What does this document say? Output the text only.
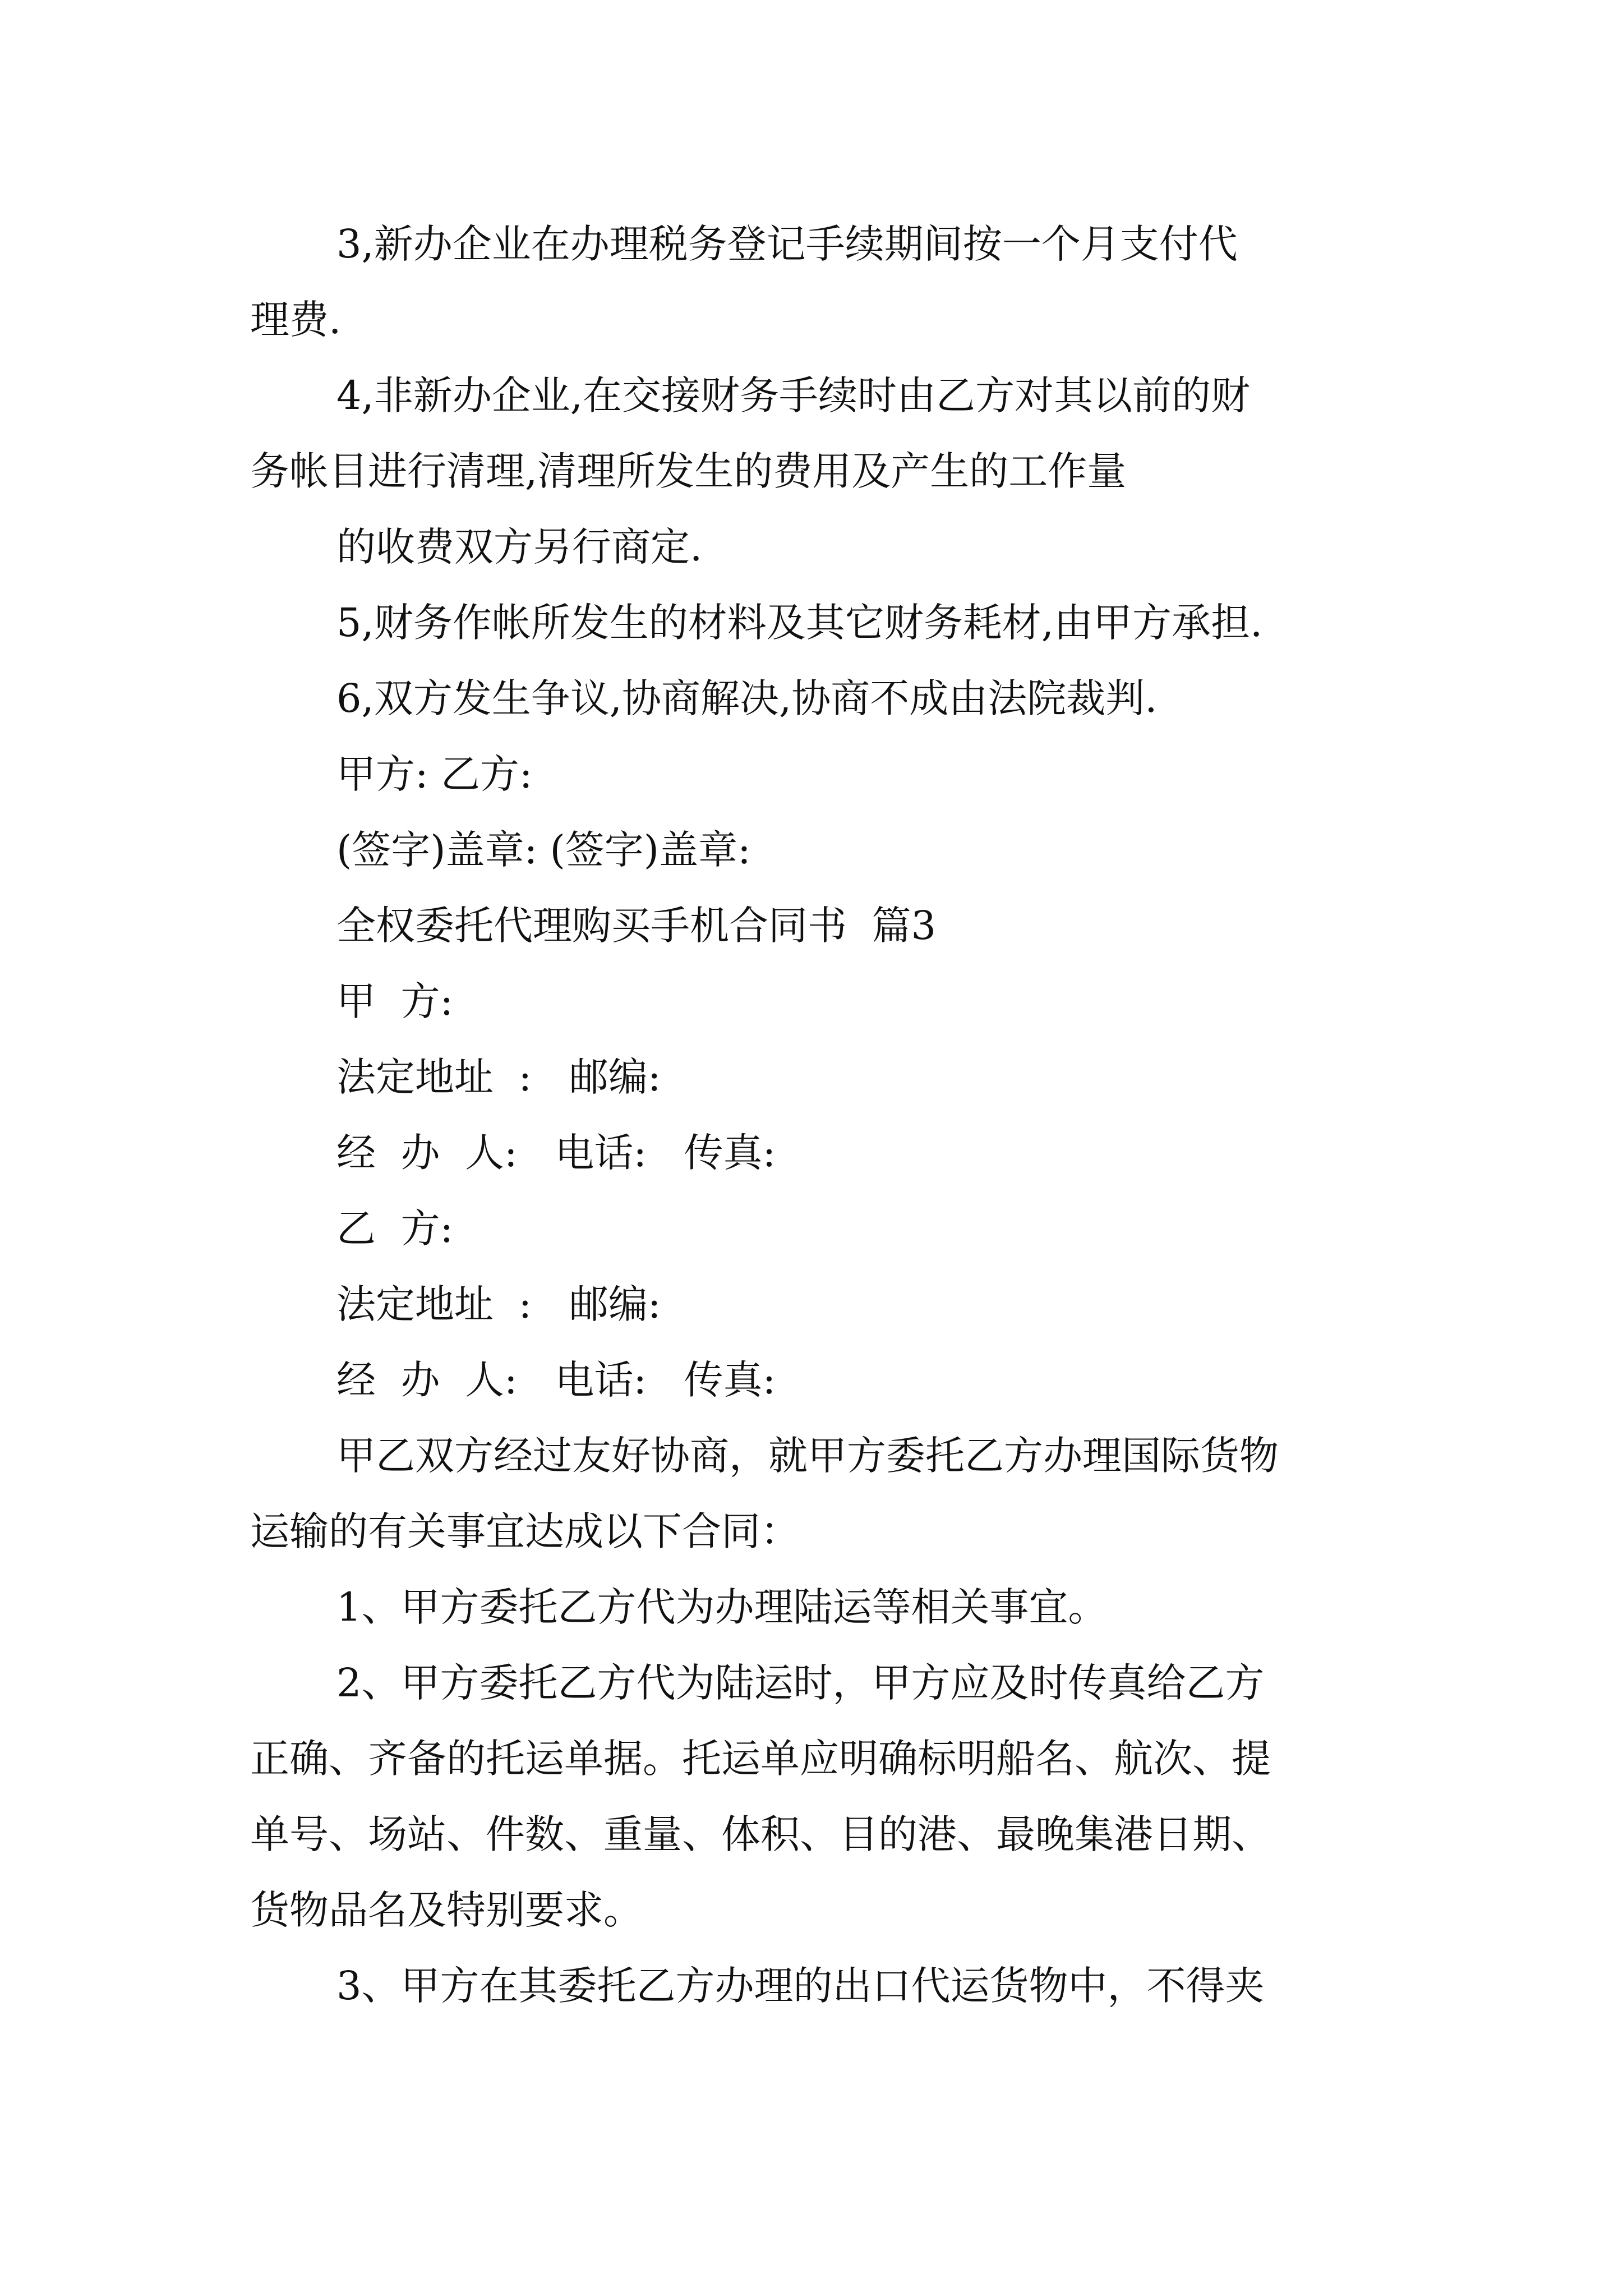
3,新办企业在办理税务登记手续期间按一个月支付代
理费.
4,非新办企业,在交接财务手续时由乙方对其以前的财
务帐目进行清理,清理所发生的费用及产生的工作量
的收费双方另行商定.
5,财务作帐所发生的材料及其它财务耗材,由甲方承担.
6,双方发生争议,协商解决,协商不成由法院裁判.
甲方: 乙方:
(签字)盖章: (签字)盖章:
全权委托代理购买手机合同书  篇3
甲  方:
法定地址  :   邮编:
经  办  人:   电话:   传真:
乙  方:
法定地址  :   邮编:
经  办  人:   电话:   传真:
甲乙双方经过友好协商，就甲方委托乙方办理国际货物
运输的有关事宜达成以下合同：
1、甲方委托乙方代为办理陆运等相关事宜。
2、甲方委托乙方代为陆运时，甲方应及时传真给乙方
正确、齐备的托运单据。托运单应明确标明船名、航次、提
单号、场站、件数、重量、体积、目的港、最晚集港日期、
货物品名及特别要求。
3、甲方在其委托乙方办理的出口代运货物中，不得夹
